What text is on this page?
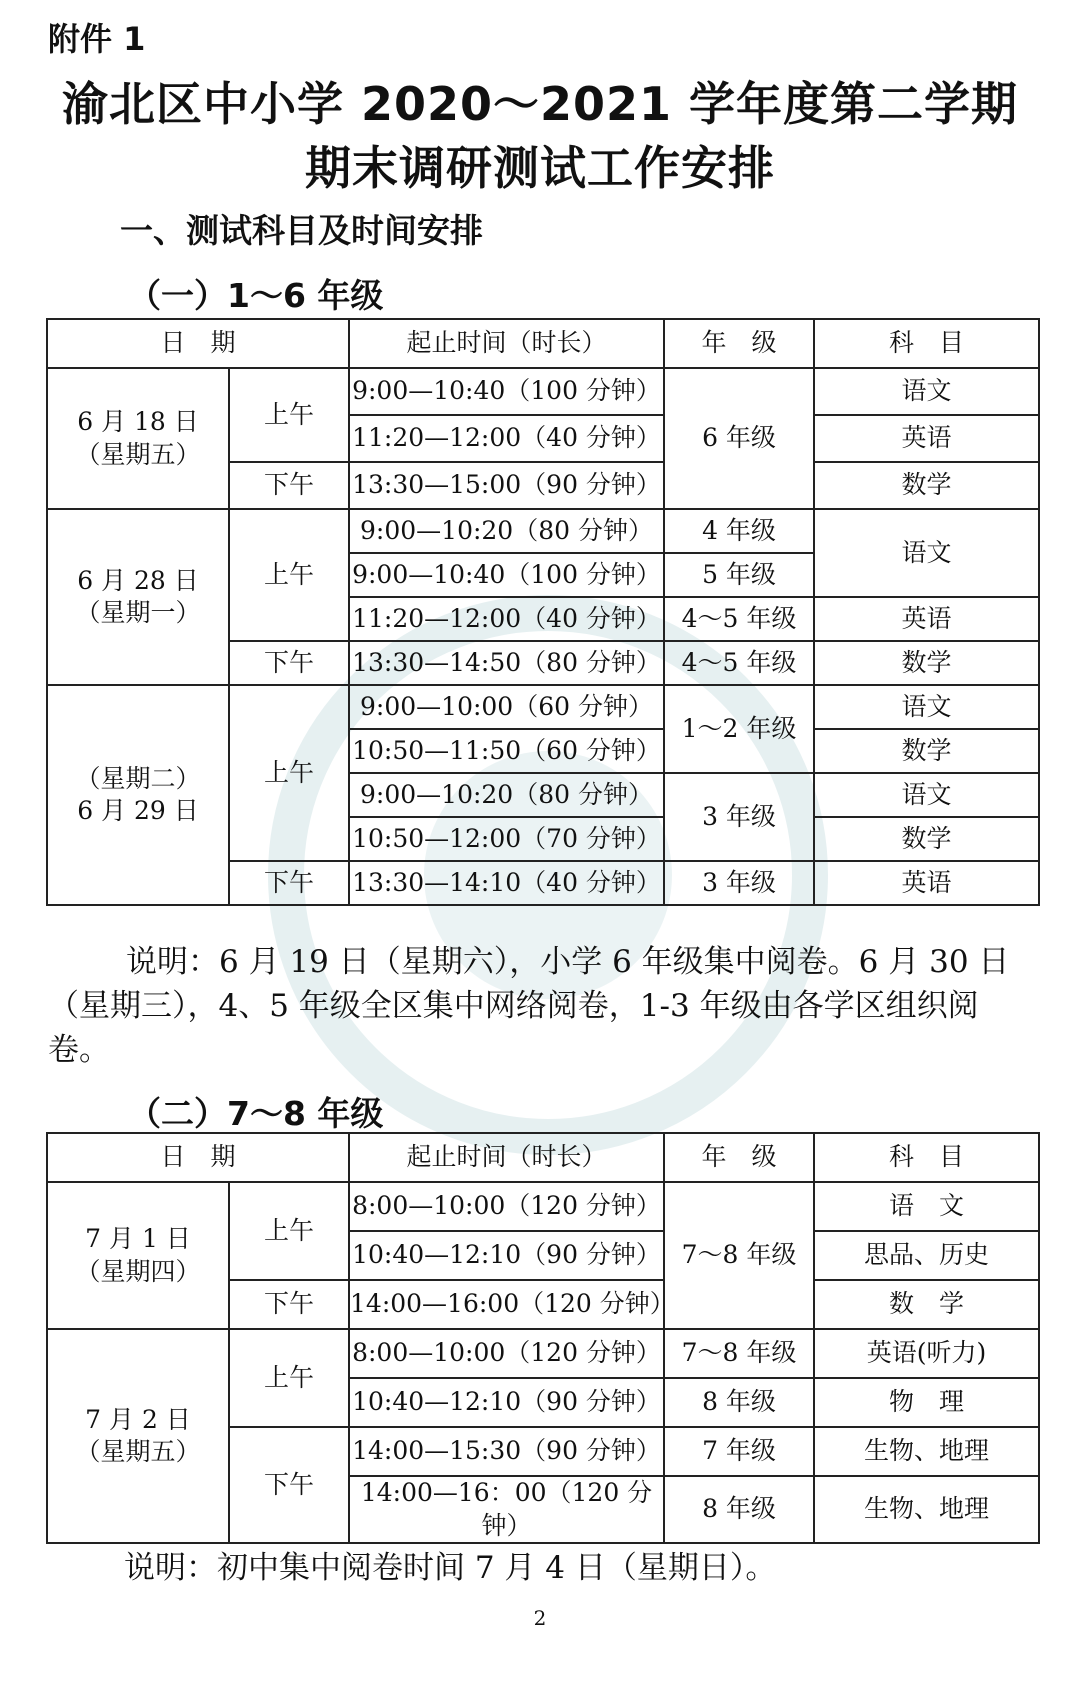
附件 1
渝北区中小学 2020～2021 学年度第二学期
期末调研测试工作安排
一、测试科目及时间安排
（一）1～6 年级
日　期		起止时间（时长）	年　级	科　目

6 月 18 日
（星期五）	上午	9:00—10:40（100 分钟）	6 年级	语文
		11:20—12:00（40 分钟）		英语
	下午	13:30—15:00（90 分钟）		数学

6 月 28 日
（星期一）	上午	9:00—10:20（80 分钟）	4 年级	语文
		9:00—10:40（100 分钟）	5 年级	
		11:20—12:00（40 分钟）	4～5 年级	英语
	下午	13:30—14:50（80 分钟）	4～5 年级	数学

（星期二）
6 月 29 日	上午	9:00—10:00（60 分钟）	1～2 年级	语文
		10:50—11:50（60 分钟）		数学
		9:00—10:20（80 分钟）	3 年级	语文
		10:50—12:00（70 分钟）		数学
	下午	13:30—14:10（40 分钟）	3 年级	英语
说明：6 月 19 日（星期六），小学 6 年级集中阅卷。6 月 30 日（星期三），4、5 年级全区集中网络阅卷，1-3 年级由各学区组织阅卷。
（二）7～8 年级
日　期		起止时间（时长）	年　级	科　目

7 月 1 日
（星期四）	上午	8:00—10:00（120 分钟）	7～8 年级	语　文
		10:40—12:10（90 分钟）		思品、历史
	下午	14:00—16:00（120 分钟）		数　学

7 月 2 日
（星期五）	上午	8:00—10:00（120 分钟）	7～8 年级	英语(听力)
		10:40—12:10（90 分钟）	8 年级	物　理
	下午	14:00—15:30（90 分钟）	7 年级	生物、地理
		14:00—16：00（120 分钟）	8 年级	生物、地理
说明：初中集中阅卷时间 7 月 4 日（星期日）。
2
